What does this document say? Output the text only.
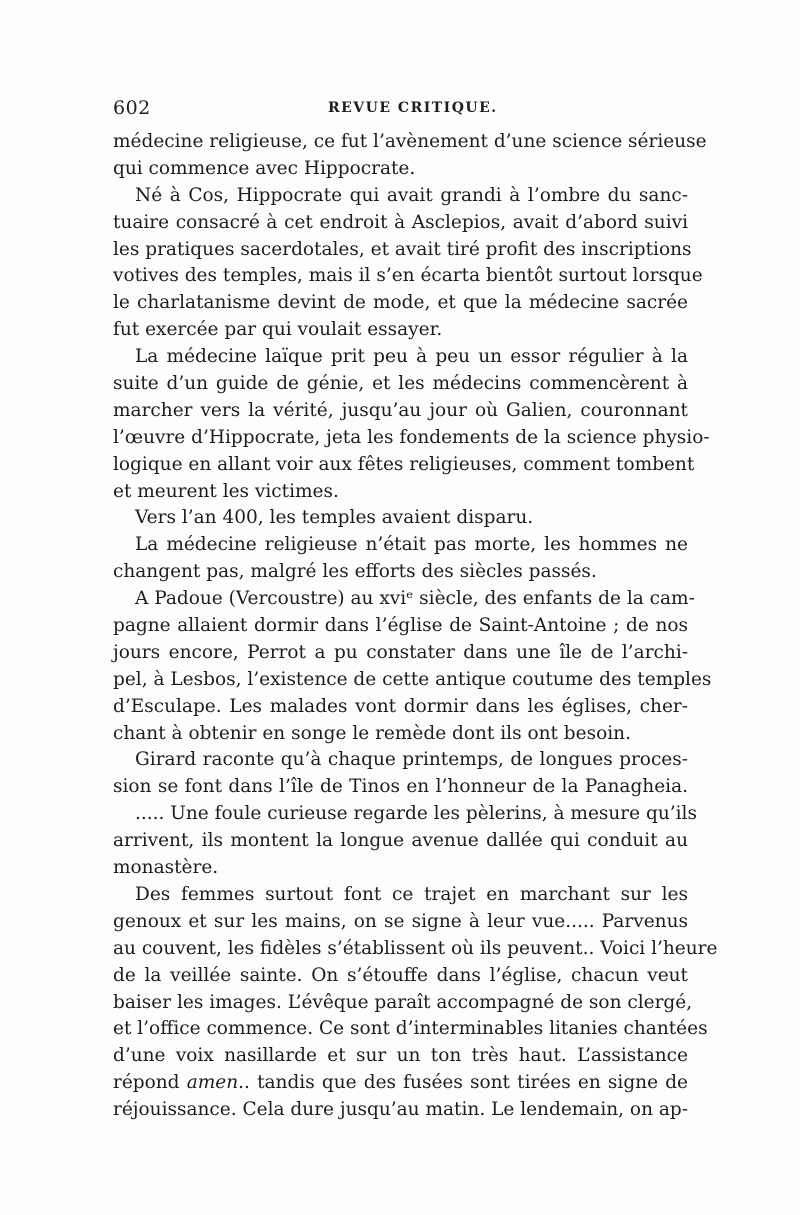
602	REVUE CRITIQUE.
médecine religieuse, ce fut l’avènement d’une science sérieuse
qui commence avec Hippocrate.
Né à Cos, Hippocrate qui avait grandi à l’ombre du sanc-
tuaire consacré à cet endroit à Asclepios, avait d’abord suivi
les pratiques sacerdotales, et avait tiré profit des inscriptions
votives des temples, mais il s’en écarta bientôt surtout lorsque
le charlatanisme devint de mode, et que la médecine sacrée
fut exercée par qui voulait essayer.
La médecine laïque prit peu à peu un essor régulier à la
suite d’un guide de génie, et les médecins commencèrent à
marcher vers la vérité, jusqu’au jour où Galien, couronnant
l’œuvre d’Hippocrate, jeta les fondements de la science physio-
logique en allant voir aux fêtes religieuses, comment tombent
et meurent les victimes.
Vers l’an 400, les temples avaient disparu.
La médecine religieuse n’était pas morte, les hommes ne
changent pas, malgré les efforts des siècles passés.
A Padoue (Vercoustre) au xviᵉ siècle, des enfants de la cam-
pagne allaient dormir dans l’église de Saint-Antoine ; de nos
jours encore, Perrot a pu constater dans une île de l’archi-
pel, à Lesbos, l’existence de cette antique coutume des temples
d’Esculape. Les malades vont dormir dans les églises, cher-
chant à obtenir en songe le remède dont ils ont besoin.
Girard raconte qu’à chaque printemps, de longues proces-
sion se font dans l’île de Tinos en l’honneur de la Panagheia.
..... Une foule curieuse regarde les pèlerins, à mesure qu’ils
arrivent, ils montent la longue avenue dallée qui conduit au
monastère.
Des femmes surtout font ce trajet en marchant sur les
genoux et sur les mains, on se signe à leur vue..... Parvenus
au couvent, les fidèles s’établissent où ils peuvent.. Voici l’heure
de la veillée sainte. On s’étouffe dans l’église, chacun veut
baiser les images. L’évêque paraît accompagné de son clergé,
et l’office commence. Ce sont d’interminables litanies chantées
d’une voix nasillarde et sur un ton très haut. L’assistance
répond amen.. tandis que des fusées sont tirées en signe de
réjouissance. Cela dure jusqu’au matin. Le lendemain, on ap-
